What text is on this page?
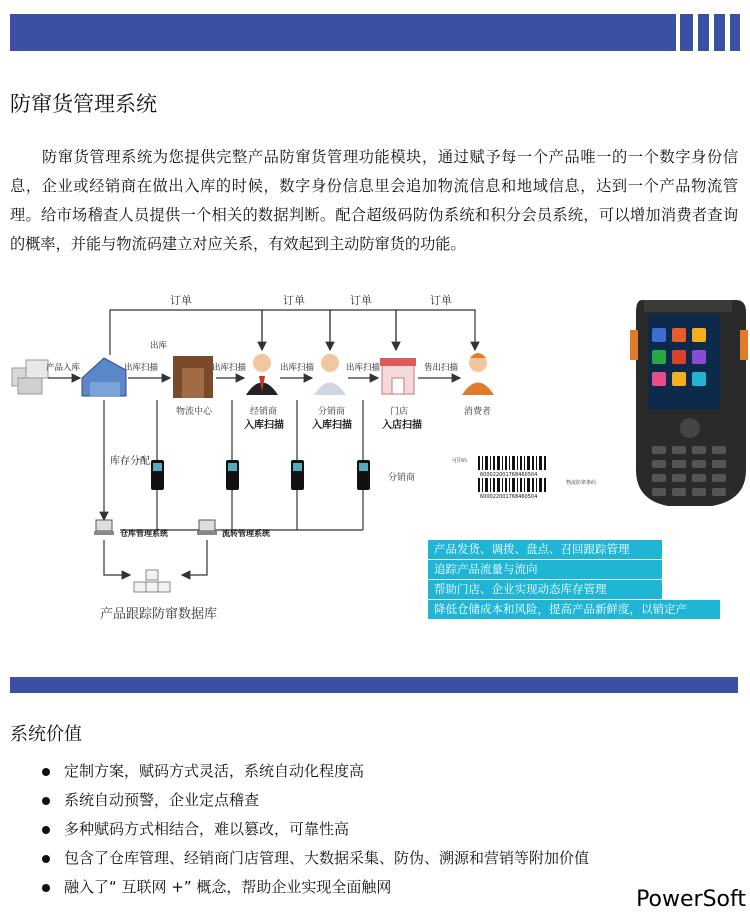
防窜货管理系统
防窜货管理系统为您提供完整产品防窜货管理功能模块，通过赋予每一个产品唯一的一个数字身份信息，企业或经销商在做出入库的时候，数字身份信息里会追加物流信息和地域信息，达到一个产品物流管理。给市场稽查人员提供一个相关的数据判断。配合超级码防伪系统和积分会员系统，可以增加消费者查询的概率，并能与物流码建立对应关系，有效起到主动防窜货的功能。
订单	订单	订单	订单
产品入库	出库扫描
出库
出库扫描	出库扫描	出库扫描	售出扫描
物流中心	经销商	分销商	门店	消费者
入库扫描	入库扫描	入店扫描
库存分配
分销商
仓库管理系统	流转管理系统
产品跟踪防窜数据库
600022001768460504
600022001768460504
可印码
物流防窜条码
产品发货、调拨、盘点、召回跟踪管理
追踪产品流量与流向
帮助门店、企业实现动态库存管理
降低仓储成本和风险，提高产品新鲜度，以销定产
系统价值
定制方案，赋码方式灵活，系统自动化程度高
系统自动预警，企业定点稽查
多种赋码方式相结合，难以篡改，可靠性高
包含了仓库管理、经销商门店管理、大数据采集、防伪、溯源和营销等附加价值
融入了“ 互联网 +” 概念，帮助企业实现全面触网	PowerSoft
